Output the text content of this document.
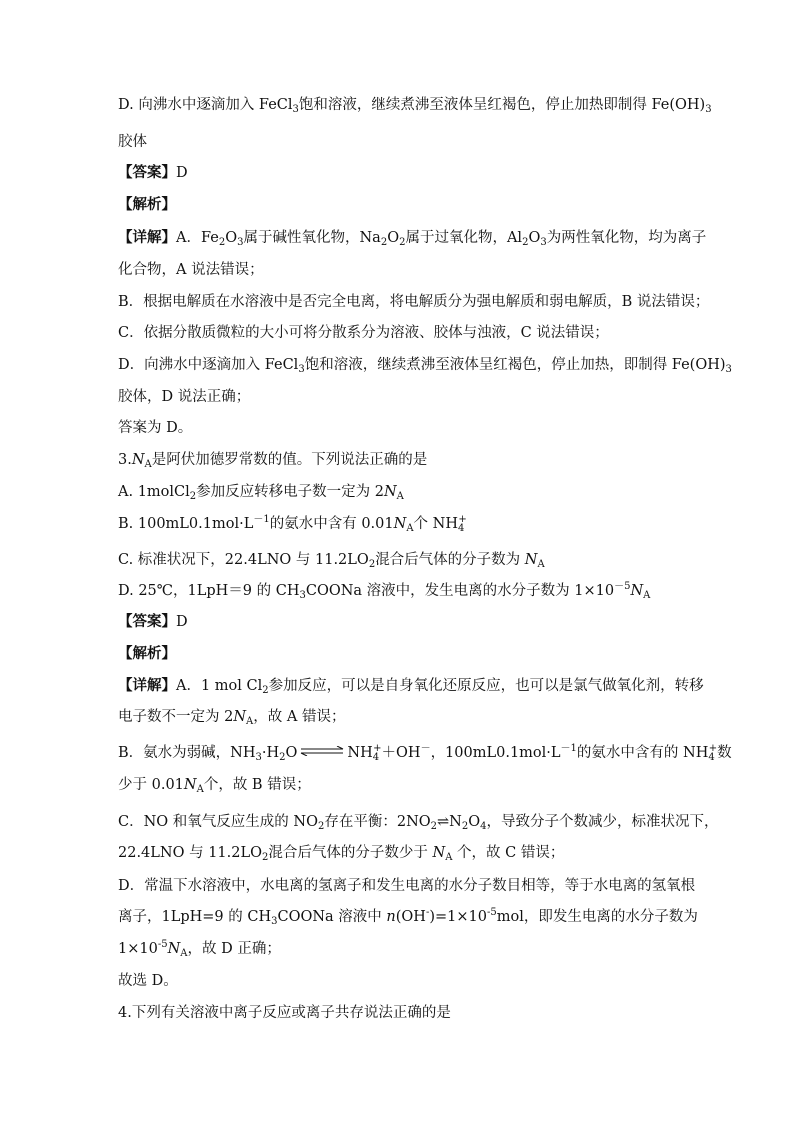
D. 向沸水中逐滴加入 FeCl$_3$饱和溶液，继续煮沸至液体呈红褐色，停止加热即制得 $Fe(OH)_3$
胶体
【答案】D
【解析】
【详解】A．$Fe_2O_3$属于碱性氧化物，$Na_2O_2$属于过氧化物，$Al_2O_3$为两性氧化物，均为离子
化合物，A 说法错误；
B．根据电解质在水溶液中是否完全电离，将电解质分为强电解质和弱电解质，B 说法错误；
C．依据分散质微粒的大小可将分散系分为溶液、胶体与浊液，C 说法错误；
D．向沸水中逐滴加入 FeCl$_3$饱和溶液，继续煮沸至液体呈红褐色，停止加热，即制得 $Fe(OH)_3$
胶体，D 说法正确；
答案为 D。
$3.N_A$是阿伏加德罗常数的值。下列说法正确的是
A. 1molCl$_2$参加反应转移电子数一定为 $2N_A$
B. $100mL0.1mol\cdot L^{-1}$的氨水中含有 $0.01N_A$个 $NH_4^+$
C. 标准状况下，22.4LNO 与 $11.2LO_2$混合后气体的分子数为 $N_A$
D. 25℃，1LpH＝9 的 $CH_3COONa$ 溶液中，发生电离的水分子数为 $1\times 10^{-5}N_A$
【答案】D
【解析】
【详解】A．1 mol $Cl_2$参加反应，可以是自身氧化还原反应，也可以是氯气做氧化剂，转移
电子数不一定为 $2N_A$，故 A 错误；
B．氨水为弱碱，$NH_3\cdot H_2O$ ⇌ $NH_4^++OH^-$，$100mL0.1mol\cdot L^{-1}$的氨水中含有的 $NH_4^+$数
少于 $0.01N_A$个，故 B 错误；
C．NO 和氧气反应生成的 $NO_2$存在平衡：$2NO_2\rightleftharpoons N_2O_4$，导致分子个数减少，标准状况下，
22.4LNO 与 $11.2LO_2$混合后气体的分子数少于 $N_A$ 个，故 C 错误；
D．常温下水溶液中，水电离的氢离子和发生电离的水分子数目相等，等于水电离的氢氧根
离子，1LpH=9 的 $CH_3COONa$ 溶液中 $n(OH^-)=1\times 10^{-5}mol$，即发生电离的水分子数为
$1\times 10^{-5}N_A$，故 D 正确；
故选 D。
4.下列有关溶液中离子反应或离子共存说法正确的是
